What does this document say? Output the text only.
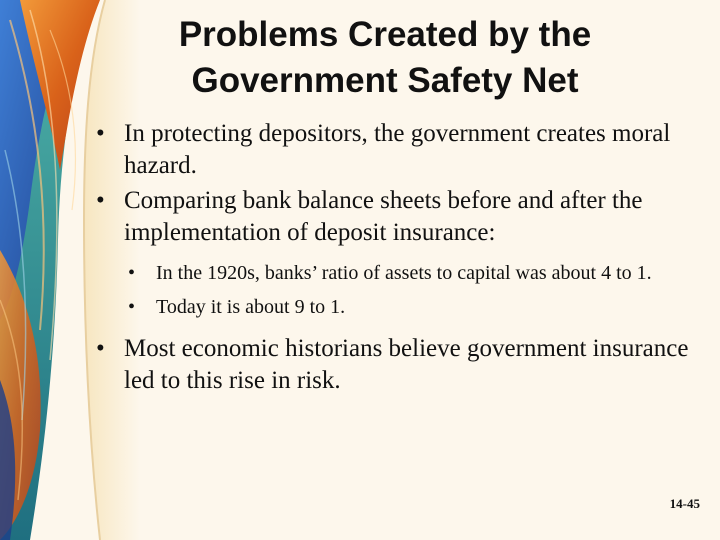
Problems Created by the
Government Safety Net
• In protecting depositors, the government creates moral hazard.
• Comparing bank balance sheets before and after the implementation of deposit insurance:
• In the 1920s, banks’ ratio of assets to capital was about 4 to 1.
• Today it is about 9 to 1.
• Most economic historians believe government insurance led to this rise in risk.
14-45
